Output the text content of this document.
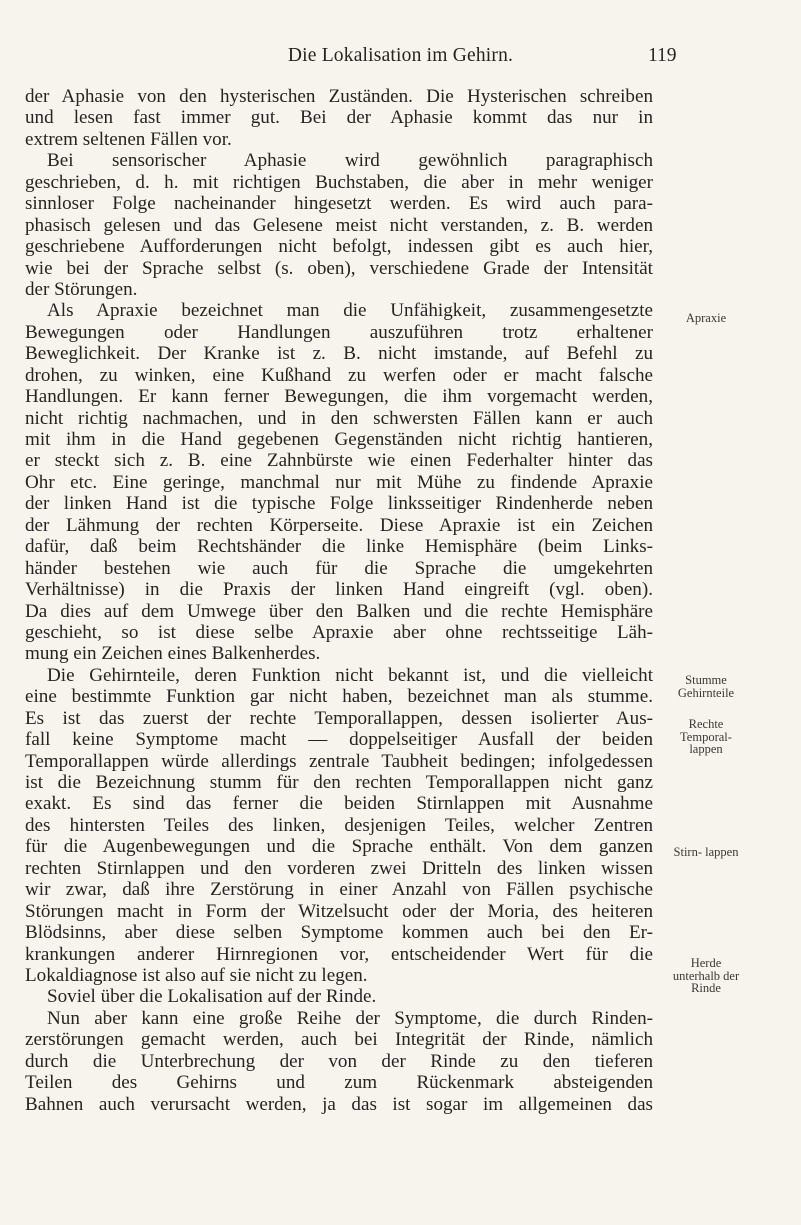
Die Lokalisation im Gehirn.	119
der Aphasie von den hysterischen Zuständen. Die Hysterischen schreiben
und lesen fast immer gut. Bei der Aphasie kommt das nur in
extrem seltenen Fällen vor.
Bei sensorischer Aphasie wird gewöhnlich paragraphisch
geschrieben, d. h. mit richtigen Buchstaben, die aber in mehr weniger
sinnloser Folge nacheinander hingesetzt werden. Es wird auch para-
phasisch gelesen und das Gelesene meist nicht verstanden, z. B. werden
geschriebene Aufforderungen nicht befolgt, indessen gibt es auch hier,
wie bei der Sprache selbst (s. oben), verschiedene Grade der Intensität
der Störungen.
Als Apraxie bezeichnet man die Unfähigkeit, zusammengesetzte
Bewegungen oder Handlungen auszuführen trotz erhaltener
Beweglichkeit. Der Kranke ist z. B. nicht imstande, auf Befehl zu
drohen, zu winken, eine Kußhand zu werfen oder er macht falsche
Handlungen. Er kann ferner Bewegungen, die ihm vorgemacht werden,
nicht richtig nachmachen, und in den schwersten Fällen kann er auch
mit ihm in die Hand gegebenen Gegenständen nicht richtig hantieren,
er steckt sich z. B. eine Zahnbürste wie einen Federhalter hinter das
Ohr etc. Eine geringe, manchmal nur mit Mühe zu findende Apraxie
der linken Hand ist die typische Folge linksseitiger Rindenherde neben
der Lähmung der rechten Körperseite. Diese Apraxie ist ein Zeichen
dafür, daß beim Rechtshänder die linke Hemisphäre (beim Links-
händer bestehen wie auch für die Sprache die umgekehrten
Verhältnisse) in die Praxis der linken Hand eingreift (vgl. oben).
Da dies auf dem Umwege über den Balken und die rechte Hemisphäre
geschieht, so ist diese selbe Apraxie aber ohne rechtsseitige Läh-
mung ein Zeichen eines Balkenherdes.
Die Gehirnteile, deren Funktion nicht bekannt ist, und die vielleicht
eine bestimmte Funktion gar nicht haben, bezeichnet man als stumme.
Es ist das zuerst der rechte Temporallappen, dessen isolierter Aus-
fall keine Symptome macht — doppelseitiger Ausfall der beiden
Temporallappen würde allerdings zentrale Taubheit bedingen; infolgedessen
ist die Bezeichnung stumm für den rechten Temporallappen nicht ganz
exakt. Es sind das ferner die beiden Stirnlappen mit Ausnahme
des hintersten Teiles des linken, desjenigen Teiles, welcher Zentren
für die Augenbewegungen und die Sprache enthält. Von dem ganzen
rechten Stirnlappen und den vorderen zwei Dritteln des linken wissen
wir zwar, daß ihre Zerstörung in einer Anzahl von Fällen psychische
Störungen macht in Form der Witzelsucht oder der Moria, des heiteren
Blödsinns, aber diese selben Symptome kommen auch bei den Er-
krankungen anderer Hirnregionen vor, entscheidender Wert für die
Lokaldiagnose ist also auf sie nicht zu legen.
Soviel über die Lokalisation auf der Rinde.
Nun aber kann eine große Reihe der Symptome, die durch Rinden-
zerstörungen gemacht werden, auch bei Integrität der Rinde, nämlich
durch die Unterbrechung der von der Rinde zu den tieferen
Teilen des Gehirns und zum Rückenmark absteigenden
Bahnen auch verursacht werden, ja das ist sogar im allgemeinen das
Apraxie
Stumme Gehirnteile
Rechte Temporal- lappen
Stirn- lappen
Herde unterhalb der Rinde
